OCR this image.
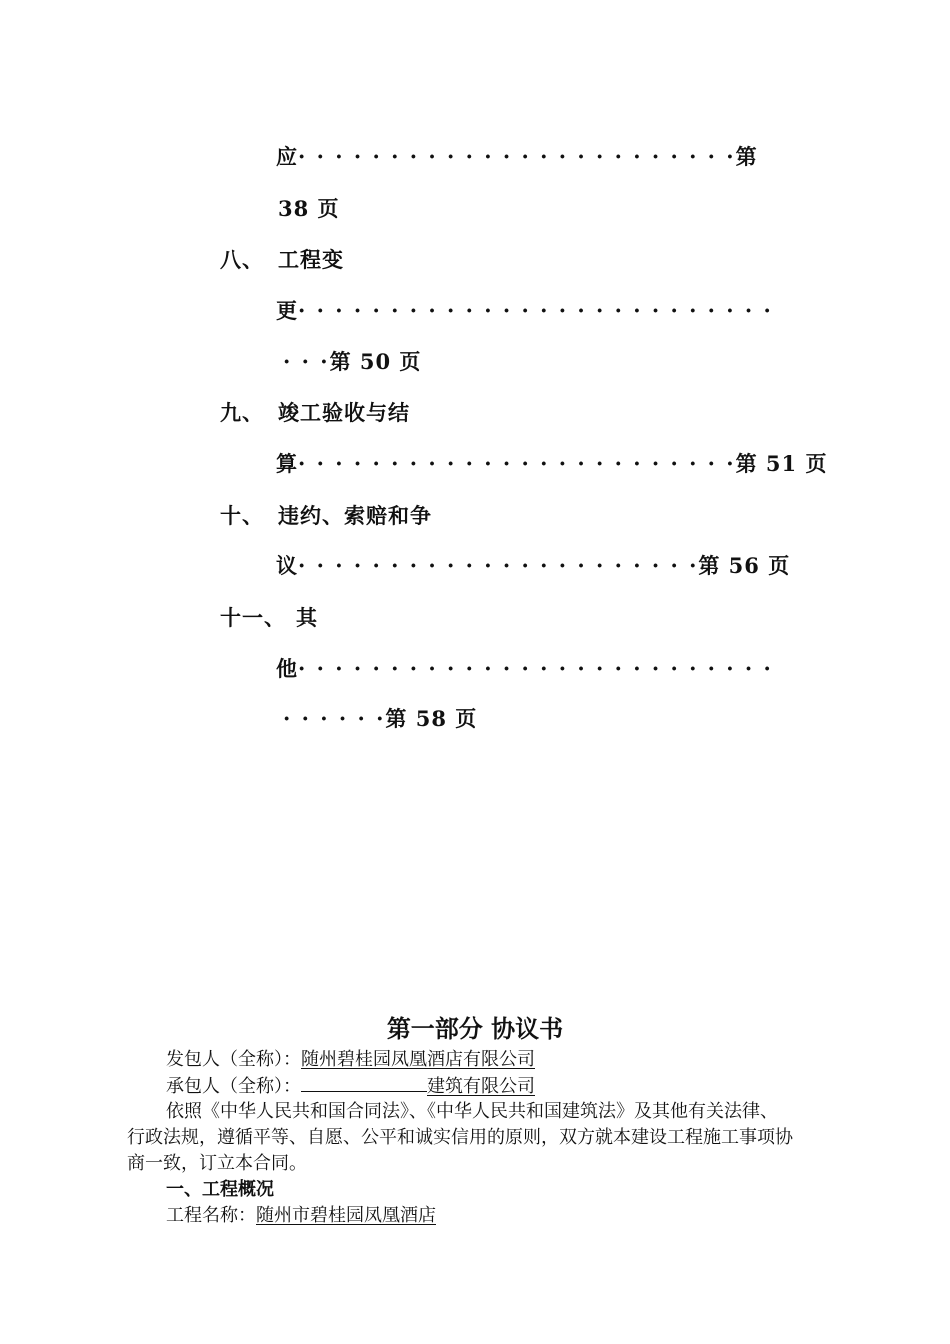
应· · · · · · · · · · · · · · · · · · · · · · · ·第
38 页
八、 工程变
更· · · · · · · · · · · · · · · · · · · · · · · · · ·
· · ·第 50 页
九、 竣工验收与结
算· · · · · · · · · · · · · · · · · · · · · · · ·第 51 页
十、 违约、索赔和争
议· · · · · · · · · · · · · · · · · · · · · ·第 56 页
十一、 其
他· · · · · · · · · · · · · · · · · · · · · · · · · ·
· · · · · ·第 58 页
第一部分 协议书
发包人（全称）：随州碧桂园凤凰酒店有限公司
承包人（全称）：	建筑有限公司
依照《中华人民共和国合同法》、《中华人民共和国建筑法》及其他有关法律、
行政法规，遵循平等、自愿、公平和诚实信用的原则，双方就本建设工程施工事项协
商一致，订立本合同。
一、工程概况
工程名称：随州市碧桂园凤凰酒店
